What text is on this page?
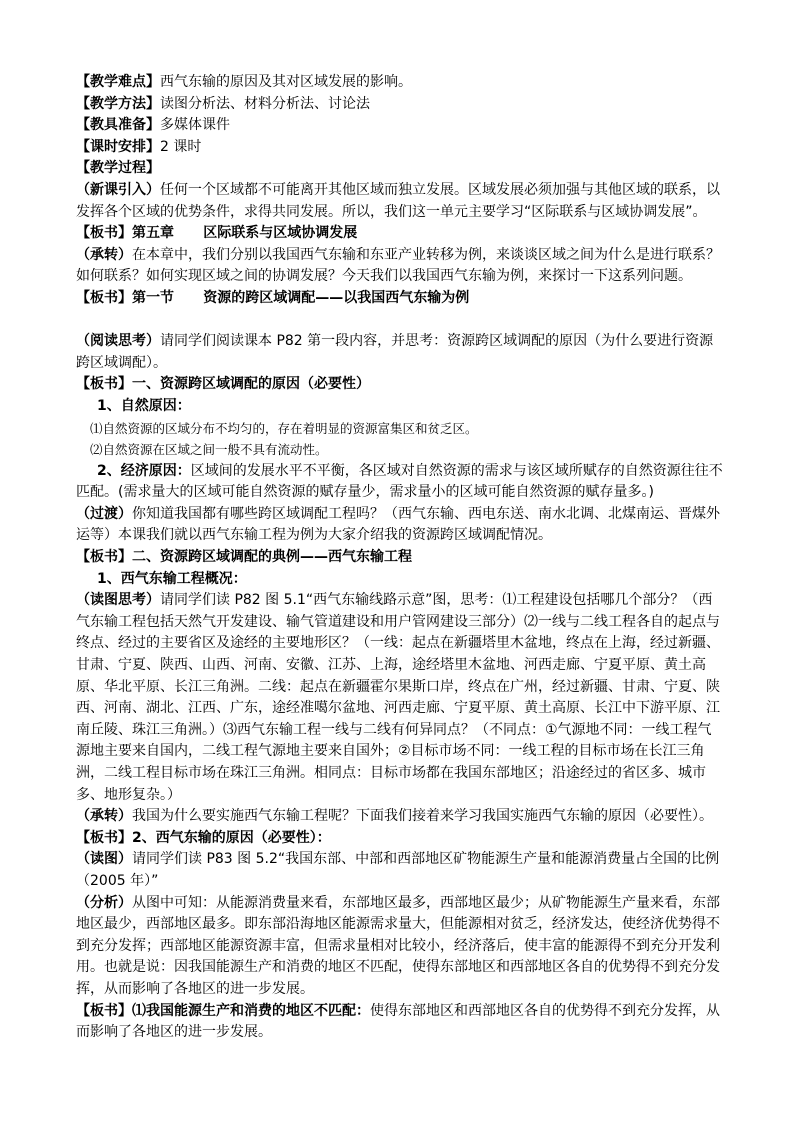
【教学难点】西气东输的原因及其对区域发展的影响。

【教学方法】读图分析法、材料分析法、讨论法

【教具准备】多媒体课件

【课时安排】2 课时

【教学过程】

（新课引入）任何一个区域都不可能离开其他区域而独立发展。区域发展必须加强与其他区域的联系，以发挥各个区域的优势条件，求得共同发展。所以，我们这一单元主要学习“区际联系与区域协调发展”。

【板书】第五章      区际联系与区域协调发展

（承转）在本章中，我们分别以我国西气东输和东亚产业转移为例，来谈谈区域之间为什么是进行联系？如何联系？如何实现区域之间的协调发展？今天我们以我国西气东输为例，来探讨一下这系列问题。

【板书】第一节      资源的跨区域调配——以我国西气东输为例

（阅读思考）请同学们阅读课本 P82 第一段内容，并思考：资源跨区域调配的原因（为什么要进行资源跨区域调配）。

【板书】一、资源跨区域调配的原因（必要性）

1、自然原因：

⑴自然资源的区域分布不均匀的，存在着明显的资源富集区和贫乏区。

⑵自然资源在区域之间一般不具有流动性。

2、经济原因：区域间的发展水平不平衡，各区域对自然资源的需求与该区域所赋存的自然资源往往不匹配。(需求量大的区域可能自然资源的赋存量少，需求量小的区域可能自然资源的赋存量多。)

（过渡）你知道我国都有哪些跨区域调配工程吗？（西气东输、西电东送、南水北调、北煤南运、晋煤外运等）本课我们就以西气东输工程为例为大家介绍我的资源跨区域调配情况。

【板书】二、资源跨区域调配的典例——西气东输工程

1、西气东输工程概况：

（读图思考）请同学们读 P82 图 5.1“西气东输线路示意”图，思考：⑴工程建设包括哪几个部分？（西气东输工程包括天然气开发建设、输气管道建设和用户管网建设三部分）⑵一线与二线工程各自的起点与终点、经过的主要省区及途经的主要地形区？（一线：起点在新疆塔里木盆地，终点在上海，经过新疆、甘肃、宁夏、陕西、山西、河南、安徽、江苏、上海，途经塔里木盆地、河西走廊、宁夏平原、黄土高原、华北平原、长江三角洲。二线：起点在新疆霍尔果斯口岸，终点在广州，经过新疆、甘肃、宁夏、陕西、河南、湖北、江西、广东，途经准噶尔盆地、河西走廊、宁夏平原、黄土高原、长江中下游平原、江南丘陵、珠江三角洲。）⑶西气东输工程一线与二线有何异同点？（不同点：①气源地不同：一线工程气源地主要来自国内，二线工程气源地主要来自国外；②目标市场不同：一线工程的目标市场在长江三角洲，二线工程目标市场在珠江三角洲。相同点：目标市场都在我国东部地区；沿途经过的省区多、城市多、地形复杂。）

（承转）我国为什么要实施西气东输工程呢？下面我们接着来学习我国实施西气东输的原因（必要性）。

【板书】2、西气东输的原因（必要性）：

（读图）请同学们读 P83 图 5.2“我国东部、中部和西部地区矿物能源生产量和能源消费量占全国的比例（2005 年）”

（分析）从图中可知：从能源消费量来看，东部地区最多，西部地区最少；从矿物能源生产量来看，东部地区最少，西部地区最多。即东部沿海地区能源需求量大，但能源相对贫乏，经济发达，使经济优势得不到充分发挥；西部地区能源资源丰富，但需求量相对比较小，经济落后，使丰富的能源得不到充分开发利用。也就是说：因我国能源生产和消费的地区不匹配，使得东部地区和西部地区各自的优势得不到充分发挥，从而影响了各地区的进一步发展。

【板书】⑴我国能源生产和消费的地区不匹配：使得东部地区和西部地区各自的优势得不到充分发挥，从而影响了各地区的进一步发展。
